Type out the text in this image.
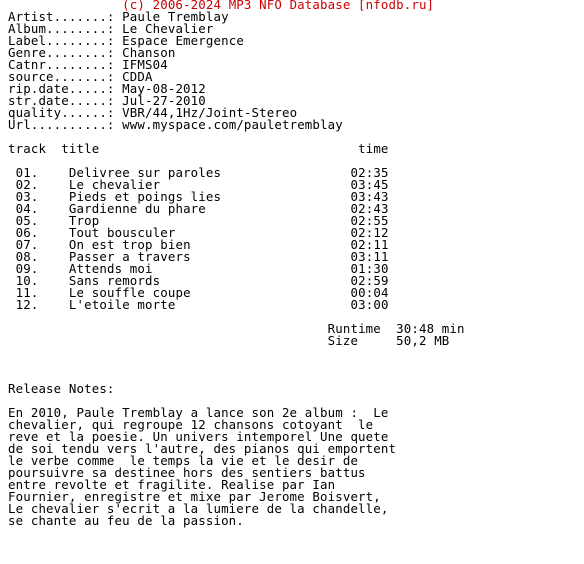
(c) 2006-2024 MP3 NFO Database [nfodb.ru]
Artist.......: Paule Tremblay
Album........: Le Chevalier
Label........: Espace Emergence
Genre........: Chanson
Catnr........: IFMS04
source.......: CDDA
rip.date.....: May-08-2012
str.date.....: Jul-27-2010
quality......: VBR/44,1Hz/Joint-Stereo
Url..........: www.myspace.com/pauletremblay
track title	time
01. Delivree sur paroles	02:35
02. Le chevalier	03:45
03. Pieds et poings lies	03:43
04. Gardienne du phare	02:43
05. Trop	02:55
06. Tout bousculer	02:12
07. On est trop bien	02:11
08. Passer a travers	03:11
09. Attends moi	01:30
10. Sans remords	02:59
11. Le souffle coupe	00:04
12. L'etoile morte	03:00
Runtime 30:48 min
Size	50,2 MB
Release Notes:
En 2010, Paule Tremblay a lance son 2e album :  Le
chevalier, qui regroupe 12 chansons cotoyant  le
reve et la poesie. Un univers intemporel Une quete
de soi tendu vers l'autre, des pianos qui emportent
le verbe comme  le temps la vie et le desir de
poursuivre sa destinee hors des sentiers battus
entre revolte et fragilite. Realise par Ian
Fournier, enregistre et mixe par Jerome Boisvert,
Le chevalier s'ecrit a la lumiere de la chandelle,
se chante au feu de la passion.
